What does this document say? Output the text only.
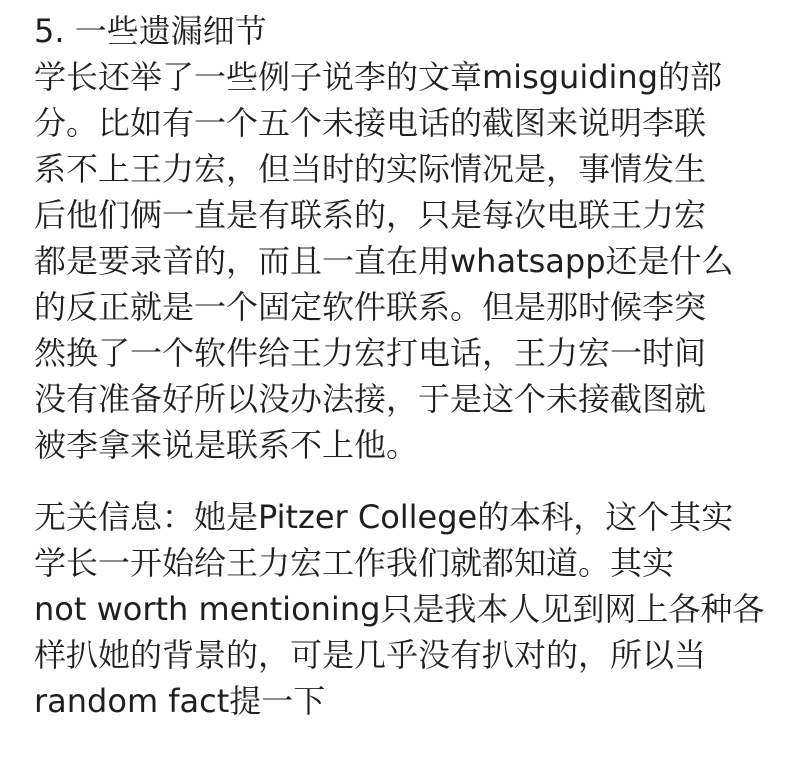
5. 一些遗漏细节
学长还举了一些例子说李的文章misguiding的部
分。比如有一个五个未接电话的截图来说明李联
系不上王力宏，但当时的实际情况是，事情发生
后他们俩一直是有联系的，只是每次电联王力宏
都是要录音的，而且一直在用whatsapp还是什么
的反正就是一个固定软件联系。但是那时候李突
然换了一个软件给王力宏打电话，王力宏一时间
没有准备好所以没办法接，于是这个未接截图就
被李拿来说是联系不上他。
无关信息：她是Pitzer College的本科，这个其实
学长一开始给王力宏工作我们就都知道。其实
not worth mentioning只是我本人见到网上各种各
样扒她的背景的，可是几乎没有扒对的，所以当
random fact提一下
